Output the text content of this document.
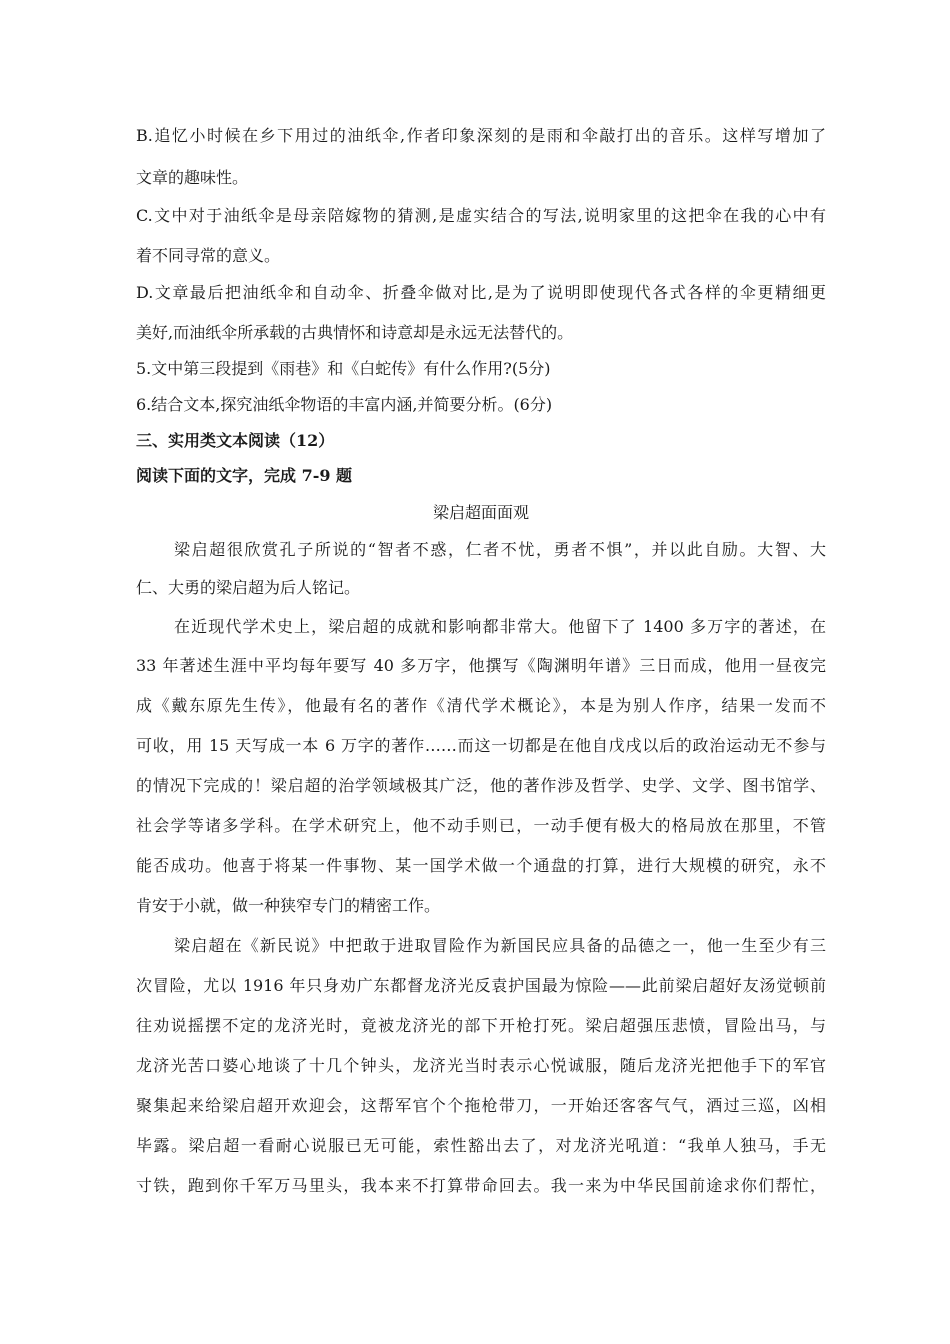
B.追忆小时候在乡下用过的油纸伞,作者印象深刻的是雨和伞敲打出的音乐。这样写增加了
文章的趣味性。
C.文中对于油纸伞是母亲陪嫁物的猜测,是虚实结合的写法,说明家里的这把伞在我的心中有
着不同寻常的意义。
D.文章最后把油纸伞和自动伞、折叠伞做对比,是为了说明即使现代各式各样的伞更精细更
美好,而油纸伞所承载的古典情怀和诗意却是永远无法替代的。
5.文中第三段提到《雨巷》和《白蛇传》有什么作用?(5分)
6.结合文本,探究油纸伞物语的丰富内涵,并简要分析。(6分)
三、实用类文本阅读（12）
阅读下面的文字，完成 7-9 题
梁启超面面观
梁启超很欣赏孔子所说的“智者不惑，仁者不忧，勇者不惧”，并以此自励。大智、大
仁、大勇的梁启超为后人铭记。
在近现代学术史上，梁启超的成就和影响都非常大。他留下了 1400 多万字的著述，在
33 年著述生涯中平均每年要写 40 多万字，他撰写《陶渊明年谱》三日而成，他用一昼夜完
成《戴东原先生传》，他最有名的著作《清代学术概论》，本是为别人作序，结果一发而不
可收，用 15 天写成一本 6 万字的著作……而这一切都是在他自戊戌以后的政治运动无不参与
的情况下完成的！梁启超的治学领域极其广泛，他的著作涉及哲学、史学、文学、图书馆学、
社会学等诸多学科。在学术研究上，他不动手则已，一动手便有极大的格局放在那里，不管
能否成功。他喜于将某一件事物、某一国学术做一个通盘的打算，进行大规模的研究，永不
肯安于小就，做一种狭窄专门的精密工作。
梁启超在《新民说》中把敢于进取冒险作为新国民应具备的品德之一，他一生至少有三
次冒险，尤以 1916 年只身劝广东都督龙济光反袁护国最为惊险——此前梁启超好友汤觉顿前
往劝说摇摆不定的龙济光时，竟被龙济光的部下开枪打死。梁启超强压悲愤，冒险出马，与
龙济光苦口婆心地谈了十几个钟头，龙济光当时表示心悦诚服，随后龙济光把他手下的军官
聚集起来给梁启超开欢迎会，这帮军官个个拖枪带刀，一开始还客客气气，酒过三巡，凶相
毕露。梁启超一看耐心说服已无可能，索性豁出去了，对龙济光吼道：“我单人独马，手无
寸铁，跑到你千军万马里头，我本来不打算带命回去。我一来为中华民国前途求你们帮忙，
